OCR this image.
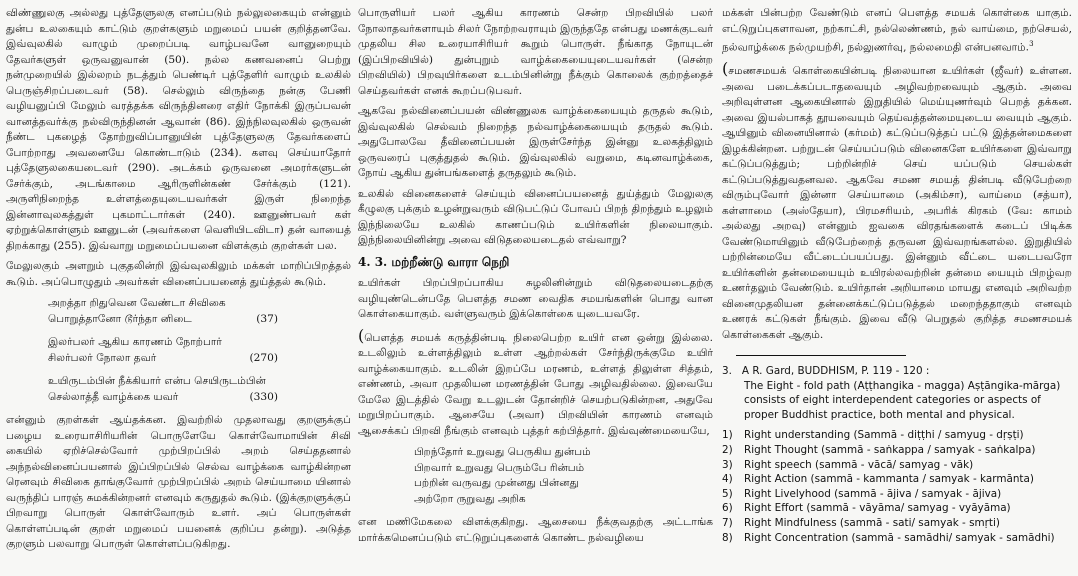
விண்ணுலகு அல்லது புத்தேளுலகு எனப்படும் நல்லுலகையும் என்னும் துன்ப உலகையும் காட்டும் குறள்களும் மறுமைப் பயன் குறித்தனவே. இவ்வுலகில் வாழும் முறைப்படி வாழ்பவனே வானுறையும் தேவர்களுள் ஒருவனுவான் (50). நல்ல கணவனைப் பெற்று நன்முறையில் இல்லறம் நடத்தும் பெண்டிர் புத்தேளிர் வாழும் உலகில் பெருஞ்சிறப்படைவர் (58). செல்லும் விருந்தை நன்கு பேணி வழியனுப்பி மேலும் வரத்தக்க விருந்தினரை எதிர் நோக்கி இருப்பவன் வானத்தவர்க்கு நல்விருந்தினன் ஆவான் (86). இந்நிலவுலகில் ஒருவன் நீண்ட புகழைத் தோற்றுவிப்பானுயின் புத்தேளுலகு தேவர்களைப் போற்றாது அவனையே கொண்டாடும் (234). களவு செய்யாதோர் புத்தேளுலகையடைவர் (290). அடக்கம் ஒருவனை அமரர்களுடன் சேர்க்கும், அடங்காமை ஆரிருளின்கண் சேர்க்கும் (121). அருளிநிறைந்த உள்ளத்தையுடையவர்கள் இருள் நிறைந்த இன்னாவுலகத்துள் புகமாட்டார்கள் (240). ஊனுண்பவர் கள் ஏற்றுக்கொள்ளும் ஊனுடன் (அவர்களை வெளியிடவிடா) தன் வாயைத் திறக்காது (255). இவ்வாறு மறுமைப்பயனை விளக்கும் குறள்கள் பல.

மேலுலகும் அளறும் புகுதலின்றி இவ்வுலகிலும் மக்கள் மாறிப்பிறத்தல் கூடும். அப்பொழுதும் அவர்கள் வினைப்பயனைத் துய்த்தல் கூடும்.

அறத்தா றிதுவென வேண்டா சிவிகை
பொறுத்தானோ டூர்ந்தா னிடை	(37)
இலர்பலர் ஆகிய காரணம் நோற்பார்
சிலர்பலர் நோலா தவர்	(270)
உயிருடம்பின் நீக்கியார் என்ப செயிருடம்பின்
செல்லாத்தீ வாழ்க்கை யவர்	(330)

என்னும் குறள்கள் ஆய்தக்கன. இவற்றில் முதலாவது குறளுக்குப் பழைய உரையாசிரியரின் பொருளேயே கொள்வோமாயின் சிவி கையில் ஏறிச்செல்வோர் முற்பிறப்பில் அறம் செய்ததனால் அந்நல்வினைப்பயனால் இப்பிறப்பில் செல்வ வாழ்க்கை வாழ்கின்றன ரெனவும் சிவிகை தாங்குவோர் முற்பிறப்பில் அறம் செய்யாமை யினால் வருந்திப் பாரஞ் சுமக்கின்றனர் எனவும் கருதுதல் கூடும். (இக்குறளுக்குப் பிறவாறு பொருள் கொள்வோரும் உளர். அப் பொருள்கள் கொள்ளப்படின் குறள் மறுமைப் பயனைக் குறிப்ப தன்று). அடுத்த குறளும் பலவாறு பொருள் கொள்ளப்படுகிறது.

பொருளியர் பலர் ஆகிய காரணம் சென்ற பிறவியில் பலர் நோலாதவர்களாயும் சிலர் நோற்றவராயும் இருந்ததே என்பது மணக்குடவர் முதலிய சில உரையாசிரியர் கூறும் பொருள். நீங்காத நோயுடன் (இப்பிறவியில்) துன்புறும் வாழ்க்கையையுடையவர்கள் (சென்ற பிறவியில்) பிறவுயிர்களை உடம்பினின்று நீக்கும் கொலைக் குற்றத்தைச் செய்தவர்கள் எனக் கூறப்படுபவர்.

ஆகவே நல்வினைப்பயன் விண்ணுலக வாழ்க்கையையும் தருதல் கூடும், இவ்வுலகில் செல்வம் நிறைந்த நல்வாழ்க்கையையும் தருதல் கூடும். அதுபோலவே தீவினைப்பயன் இருள்சேர்ந்த இன்னு உலகத்திலும் ஒருவரைப் புகுத்துதல் கூடும். இவ்வுலகில் வறுமை, கடினவாழ்க்கை, நோய் ஆகிய துன்பங்களைத் தருதலும் கூடும்.

உலகில் வினைகளைச் செய்யும் வினைப்பயனைத் துய்த்தும் மேலுலகு கீழுலகு புக்கும் உழன்றுவரும் விடுபட்டுப் போவப் பிறந் திறந்தும் உழலும் இந்நிலையே உலகில் காணப்படும் உயிர்களின் நிலையாகும். இந்நிலையினின்று அவை விடுதலையடைதல் எவ்வாறு?

4. 3. மற்றீண்டு வாரா நெறி

உயிர்கள் பிறப்பிறப்பாகிய சுழலினின்றும் விடுதலையடைதற்கு வழியுண்டென்பதே பௌத்த சமண வைதிக சமயங்களின் பொது வான கொள்கையாகும். வள்ளுவரும் இக்கொள்கை யுடையவரே.

(பௌத்த சமயக் கருத்தின்படி நிலைபெற்ற உயிர் என ஒன்று இல்லை. உடலிலும் உள்ளத்திலும் உள்ள ஆற்றல்கள் சேர்ந்திருக்குமே உயிர் வாழ்க்கையாகும். உடலின் இறப்பே மரணம், உள்ளத் திலுள்ள சித்தம், எண்ணம், அவா முதலியன மரணத்தின் போது அழிவதில்லை. இவையே மேலே இடத்தில் வேறு உடலுடன் தோன்றிச் செயற்படுகின்றன, அதுவே மறுபிறப்பாகும். ஆசையே (அவா) பிறவியின் காரணம் எனவும் ஆசைக்கப் பிறவி நீங்கும் எனவும் புத்தர் கற்பித்தார். இவ்வுண்மையையே,

பிறந்தோர் உறுவது பெருகிய துன்பம்
பிறவார் உறுவது பெரும்பே ரின்பம்
பற்றின் வருவது முன்னது பின்னது
அற்றோ ருறுவது அறிக

என மணிமேகலை விளக்குகிறது. ஆசையை நீக்குவதற்கு அட்டாங்க மார்க்கமெனப்படும் எட்டுறுப்புகளைக் கொண்ட நல்வழியை

மக்கள் பின்பற்ற வேண்டும் எனப் பௌத்த சமயக் கொள்கை யாகும். எட்டுறுப்புகளாவன, நற்காட்சி, நல்லெண்ணம், நல் வாய்மை, நற்செயல், நல்வாழ்க்கை நல்முயற்சி, நல்லுணர்வு, நல்லமைதி என்பனவாம்.$^3$

(சமணசமயக் கொள்கையின்படி நிலையான உயிர்கள் (ஜீவர்) உள்ளன. அவை படைக்கப்படாதவையும் அழிவற்றவையும் ஆகும். அவை அறிவுள்ளன ஆகையினால் இறுதியில் மெய்யுணர்வும் பெறத் தக்கன. அவை இயல்பாகத் தூயவையும் தெய்வத்தன்மையுடைய வையும் ஆகும். ஆயினும் வினையினால் (கர்மம்) கட்டுப்படுத்தப் பட்டு இத்தன்மைகளை இழக்கின்றன. பற்றுடன் செய்யப்படும் வினைகளே உயிர்களை இவ்வாறு கட்டுப்படுத்தும்; பற்றின்றிச் செய் யப்படும் செயல்கள் கட்டுப்படுத்துவதனவல. ஆகவே சமண சமயத் தின்படி வீடுபேற்றை விரும்புவோர் இன்னா செய்யாமை (அகிம்சா), வாய்மை (சத்யா), கள்ளாமை (அஸ்தேயா), பிரமசரியம், அபரிக் கிரகம் (வே: காமம் அல்லது அறவு) என்னும் ஐவகை விரதங்களைக் கடைப் பிடிக்க வேண்டுமாயினும் வீடுபேற்றைத் தருவன இவ்வறங்களல்ல. இறுதியில் பற்றின்மையே வீட்டைப்பயப்பது. இன்னும் வீட்டை யடைபவரோ உயிர்களின் தன்மையையும் உயிரல்லவற்றின் தன்மை யையும் பிறழ்வற உணர்தலும் வேண்டும். உயிர்தான் அறியாமை மாயது எனவும் அறிவற்ற வினைமுதலியன தன்னைக்கட்டுப்படுத்தல் மறைந்ததாகும் எனவும் உணரக் கட்டுகள் நீங்கும். இவை வீடு பெறுதல் குறித்த சமணசமயக் கொள்கைகள் ஆகும்.

3. A R. Gard, BUDDHISM, P. 119 - 120 :
The Eight - fold path (Aṭṭhangika - magga) Aṣṭāngika-mārga) consists of eight interdependent categories or aspects of proper Buddhist practice, both mental and physical.
1)	Right understanding (Sammā - diṭṭhi / samyug - dṛṣṭi)
2)	Right Thought (sammā - saṅkappa / samyak - saṅkalpa)
3)	Right speech (sammā - vācā/ samyag - vāk)
4)	Right Action (sammā - kammanta / samyak - karmānta)
5)	Right Livelyhood (sammā - ājiva / samyak - ājiva)
6)	Right Effort (sammā - vāyāma/ samyag - vyāyāma)
7)	Right Mindfulness (sammā - sati/ samyak - smṛti)
8)	Right Concentration (sammā - samādhi/ samyak - samādhi)
